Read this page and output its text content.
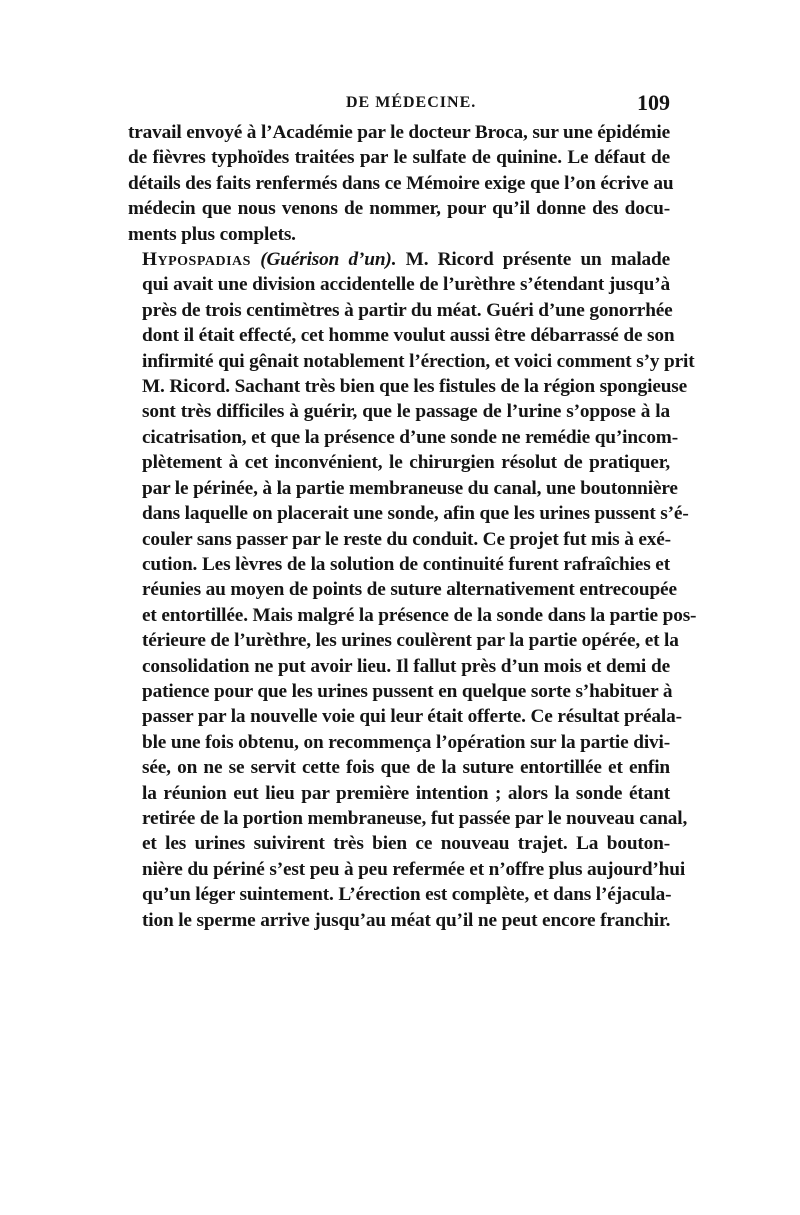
DE MÉDECINE.	109

travail envoyé à l’Académie par le docteur Broca, sur une épidémie
de fièvres typhoïdes traitées par le sulfate de quinine. Le défaut de
détails des faits renfermés dans ce Mémoire exige que l’on écrive au
médecin que nous venons de nommer, pour qu’il donne des docu-
ments plus complets.

Hypospadias (Guérison d’un). M. Ricord présente un malade
qui avait une division accidentelle de l’urèthre s’étendant jusqu’à
près de trois centimètres à partir du méat. Guéri d’une gonorrhée
dont il était effecté, cet homme voulut aussi être débarrassé de son
infirmité qui gênait notablement l’érection, et voici comment s’y prit
M. Ricord. Sachant très bien que les fistules de la région spongieuse
sont très difficiles à guérir, que le passage de l’urine s’oppose à la
cicatrisation, et que la présence d’une sonde ne remédie qu’incom-
plètement à cet inconvénient, le chirurgien résolut de pratiquer,
par le périnée, à la partie membraneuse du canal, une boutonnière
dans laquelle on placerait une sonde, afin que les urines pussent s’é-
couler sans passer par le reste du conduit. Ce projet fut mis à exé-
cution. Les lèvres de la solution de continuité furent rafraîchies et
réunies au moyen de points de suture alternativement entrecoupée
et entortillée. Mais malgré la présence de la sonde dans la partie pos-
térieure de l’urèthre, les urines coulèrent par la partie opérée, et la
consolidation ne put avoir lieu. Il fallut près d’un mois et demi de
patience pour que les urines pussent en quelque sorte s’habituer à
passer par la nouvelle voie qui leur était offerte. Ce résultat préala-
ble une fois obtenu, on recommença l’opération sur la partie divi-
sée, on ne se servit cette fois que de la suture entortillée et enfin
la réunion eut lieu par première intention ; alors la sonde étant
retirée de la portion membraneuse, fut passée par le nouveau canal,
et les urines suivirent très bien ce nouveau trajet. La bouton-
nière du périné s’est peu à peu refermée et n’offre plus aujourd’hui
qu’un léger suintement. L’érection est complète, et dans l’éjacula-
tion le sperme arrive jusqu’au méat qu’il ne peut encore franchir.
